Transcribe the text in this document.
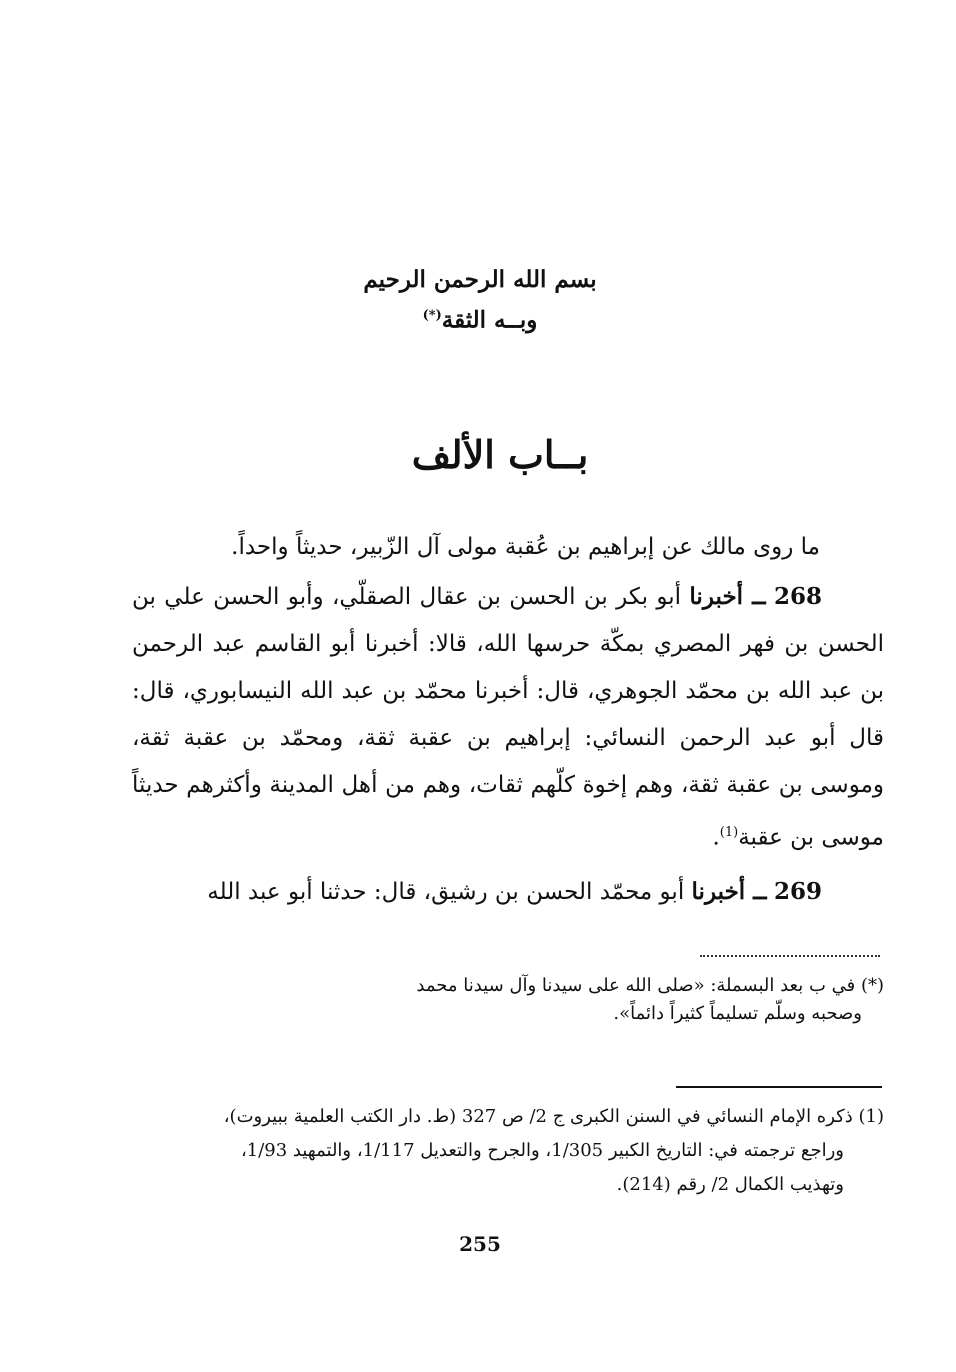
بسم الله الرحمن الرحيم
وبــه الثقة(*)
بــاب الألف
ما روى مالك عن إبراهيم بن عُقبة مولى آل الزّبير، حديثاً واحداً.

268 ــ أخبرنا أبو بكر بن الحسن بن عقال الصقلّي، وأبو الحسن علي بن الحسن بن فهر المصري بمكّة حرسها الله، قالا: أخبرنا أبو القاسم عبد الرحمن بن عبد الله بن محمّد الجوهري، قال: أخبرنا محمّد بن عبد الله النيسابوري، قال: قال أبو عبد الرحمن النسائي: إبراهيم بن عقبة ثقة، ومحمّد بن عقبة ثقة، وموسى بن عقبة ثقة، وهم إخوة كلّهم ثقات، وهم من أهل المدينة وأكثرهم حديثاً موسى بن عقبة$^{(1)}$.

269 ــ أخبرنا أبو محمّد الحسن بن رشيق، قال: حدثنا أبو عبد الله

(*) في ب بعد البسملة: «صلى الله على سيدنا وآل سيدنا محمد

وصحبه وسلّم تسليماً كثيراً دائماً».

(1) ذكره الإمام النسائي في السنن الكبرى ج 2/ ص 327 (ط. دار الكتب العلمية ببيروت)،

وراجع ترجمته في: التاريخ الكبير 1/305، والجرح والتعديل 1/117، والتمهيد 1/93،

وتهذيب الكمال 2/ رقم (214).

255
